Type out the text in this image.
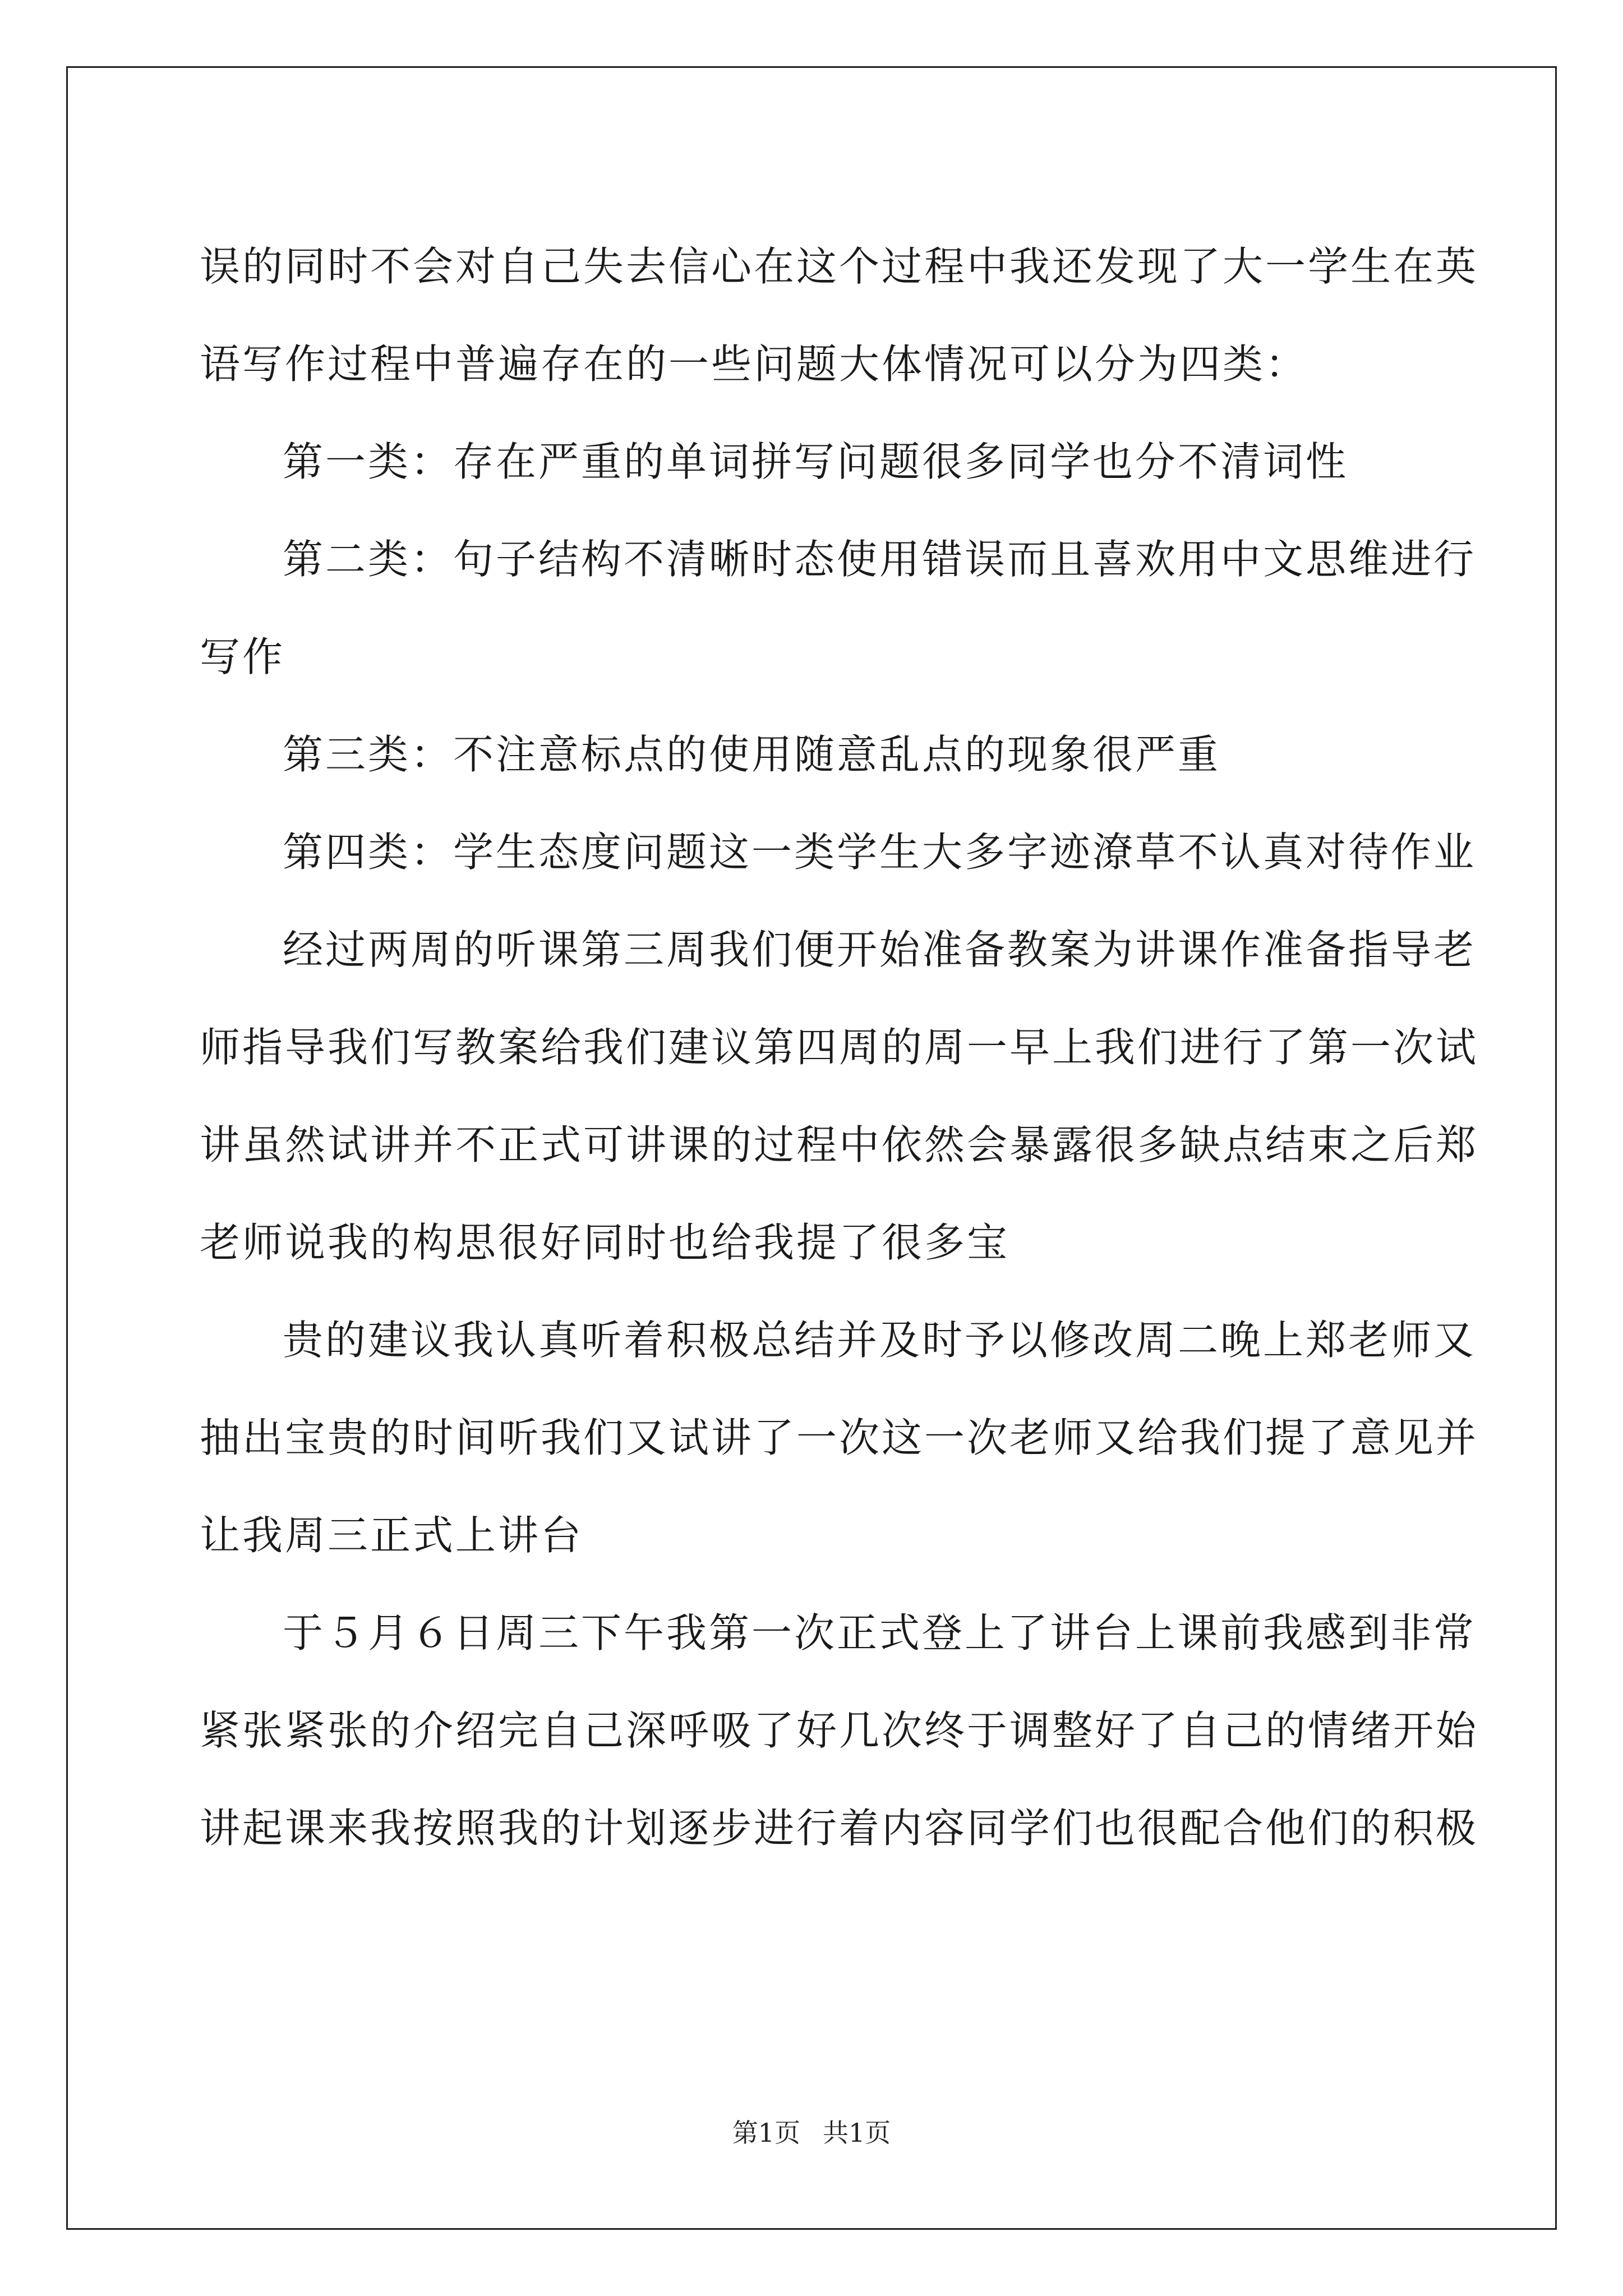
误的同时不会对自己失去信心在这个过程中我还发现了大一学生在英

语写作过程中普遍存在的一些问题大体情况可以分为四类：

第一类：存在严重的单词拼写问题很多同学也分不清词性

第二类：句子结构不清晰时态使用错误而且喜欢用中文思维进行

写作

第三类：不注意标点的使用随意乱点的现象很严重

第四类：学生态度问题这一类学生大多字迹潦草不认真对待作业

经过两周的听课第三周我们便开始准备教案为讲课作准备指导老

师指导我们写教案给我们建议第四周的周一早上我们进行了第一次试

讲虽然试讲并不正式可讲课的过程中依然会暴露很多缺点结束之后郑

老师说我的构思很好同时也给我提了很多宝

贵的建议我认真听着积极总结并及时予以修改周二晚上郑老师又

抽出宝贵的时间听我们又试讲了一次这一次老师又给我们提了意见并

让我周三正式上讲台

于５月６日周三下午我第一次正式登上了讲台上课前我感到非常

紧张紧张的介绍完自己深呼吸了好几次终于调整好了自己的情绪开始

讲起课来我按照我的计划逐步进行着内容同学们也很配合他们的积极

第1页 共1页
